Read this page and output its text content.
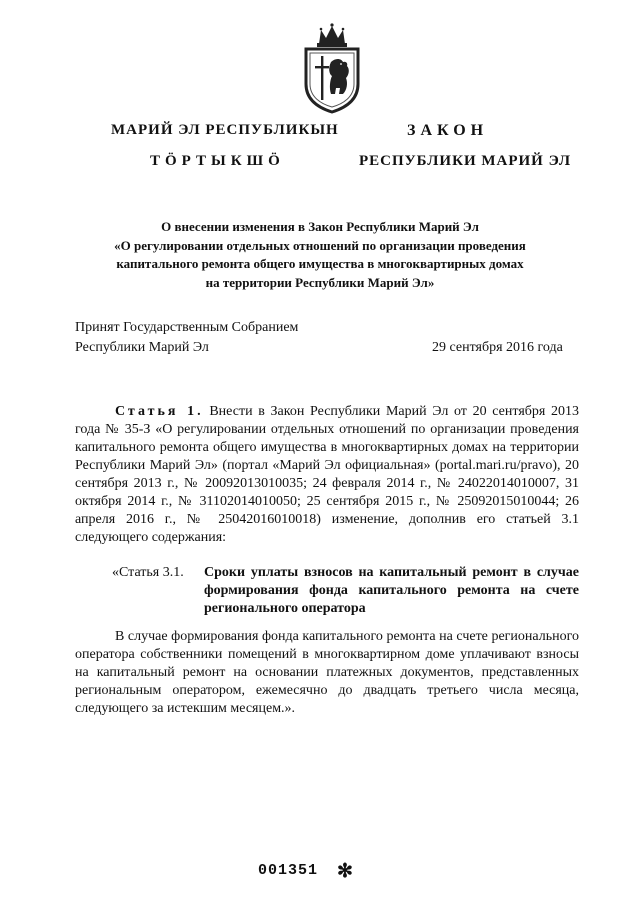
МАРИЙ ЭЛ РЕСПУБЛИКЫН
ТӦРТЫКШӦ
ЗАКОН
РЕСПУБЛИКИ МАРИЙ ЭЛ
О внесении изменения в Закон Республики Марий Эл
«О регулировании отдельных отношений по организации проведения
капитального ремонта общего имущества в многоквартирных домах
на территории Республики Марий Эл»
Принят Государственным Собранием
Республики Марий Эл	29 сентября 2016 года
Статья 1. Внести в Закон Республики Марий Эл от 20 сентября 2013 года № 35-З «О регулировании отдельных отношений по организации проведения капитального ремонта общего имущества в многоквартирных домах на территории Республики Марий Эл» (портал «Марий Эл официальная» (portal.mari.ru/pravo), 20 сентября 2013 г., № 20092013010035; 24 февраля 2014 г., № 24022014010007, 31 октября 2014 г., № 31102014010050; 25 сентября 2015 г., № 25092015010044; 26 апреля 2016 г., № 25042016010018) изменение, дополнив его статьей 3.1 следующего содержания:
«Статья 3.1. Сроки уплаты взносов на капитальный ремонт в случае формирования фонда капитального ремонта на счете регионального оператора
В случае формирования фонда капитального ремонта на счете регионального оператора собственники помещений в многоквартирном доме уплачивают взносы на капитальный ремонт на основании платежных документов, представленных региональным оператором, ежемесячно до двадцать третьего числа месяца, следующего за истекшим месяцем.».
001351 ✻
